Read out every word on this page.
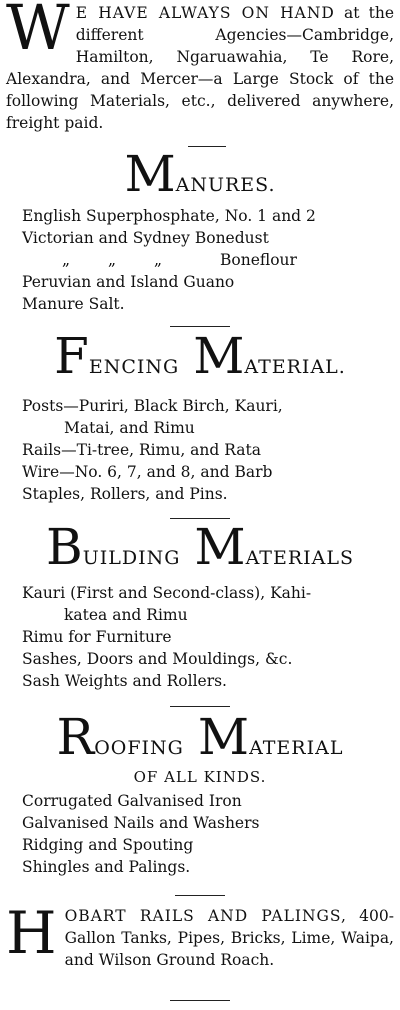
W E HAVE ALWAYS ON HAND at the different Agencies—Cambridge, Hamilton, Ngaruawahia, Te Rore, Alexandra, and Mercer—a Large Stock of the following Materials, etc., delivered anywhere, freight paid.

MANURES.
English Superphosphate, No. 1 and 2
Victorian and Sydney Bonedust
„ „ „	Boneflour
Peruvian and Island Guano
Manure Salt.
FENCING MATERIAL.
Posts—Puriri, Black Birch, Kauri,
Matai, and Rimu
Rails—Ti-tree, Rimu, and Rata
Wire—No. 6, 7, and 8, and Barb
Staples, Rollers, and Pins.
BUILDING MATERIALS
Kauri (First and Second-class), Kahi-
katea and Rimu
Rimu for Furniture
Sashes, Doors and Mouldings, &c.
Sash Weights and Rollers.
ROOFING MATERIAL
OF ALL KINDS.
Corrugated Galvanised Iron
Galvanised Nails and Washers
Ridging and Spouting
Shingles and Palings.
H OBART RAILS AND PALINGS, 400-Gallon Tanks, Pipes, Bricks, Lime, Waipa, and Wilson Ground Roach.
